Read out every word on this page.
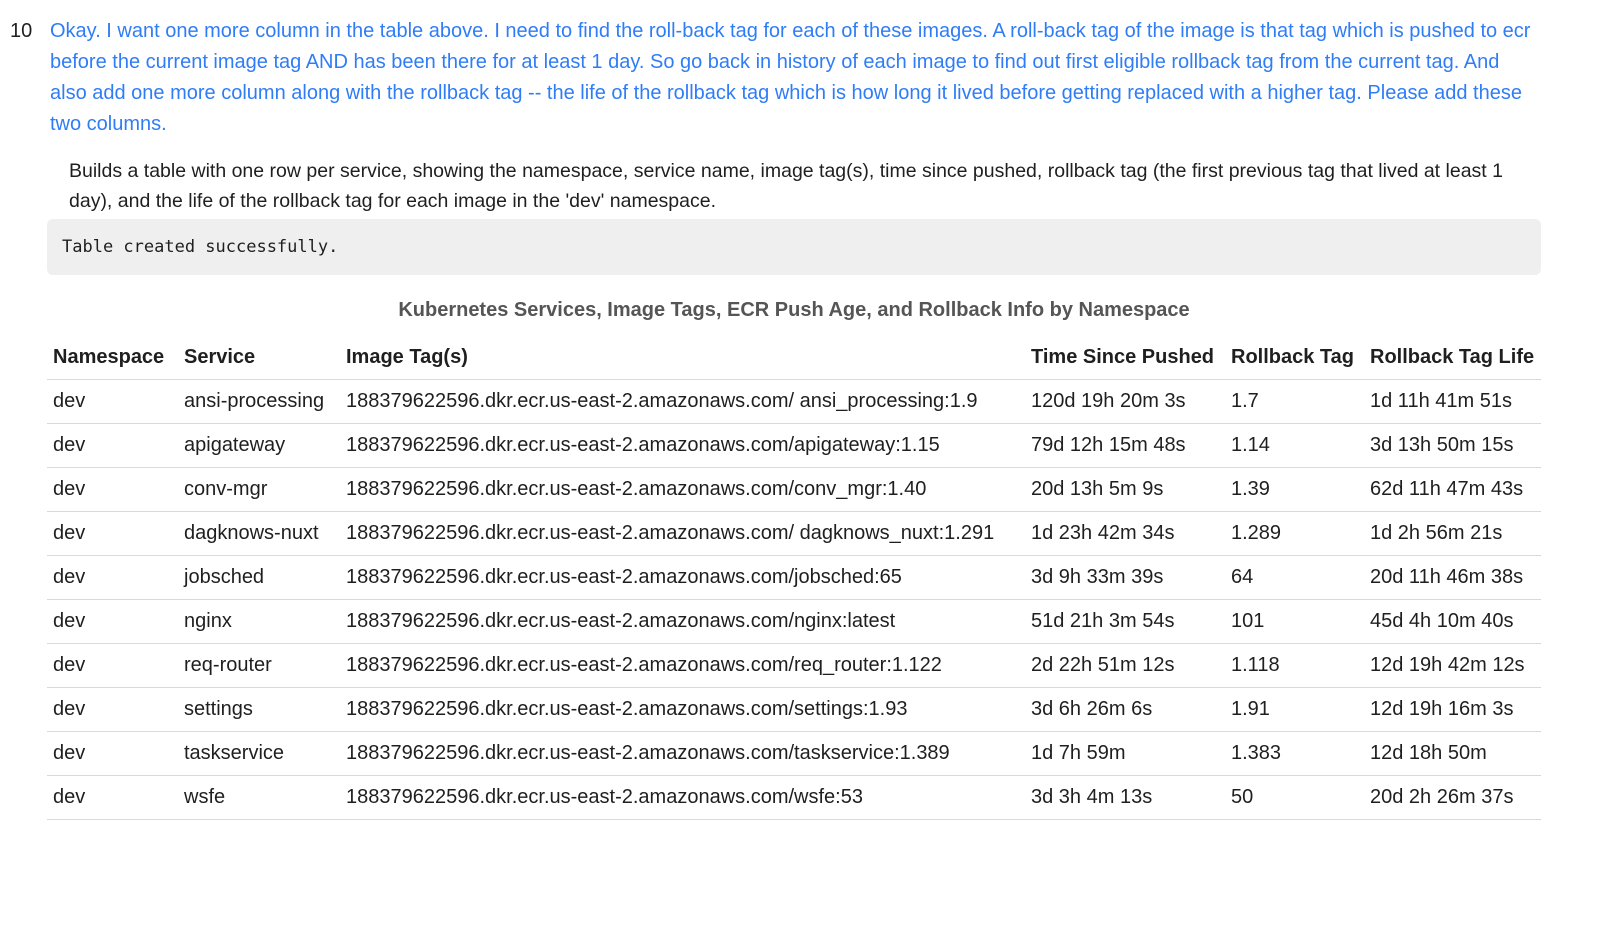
10 Okay. I want one more column in the table above. I need to find the roll-back tag for each of these images. A roll-back tag of the image is that tag which is pushed to ecr before the current image tag AND has been there for at least 1 day. So go back in history of each image to find out first eligible rollback tag from the current tag. And also add one more column along with the rollback tag -- the life of the rollback tag which is how long it lived before getting replaced with a higher tag. Please add these two columns.
Builds a table with one row per service, showing the namespace, service name, image tag(s), time since pushed, rollback tag (the first previous tag that lived at least 1 day), and the life of the rollback tag for each image in the 'dev' namespace.
Table created successfully.
Kubernetes Services, Image Tags, ECR Push Age, and Rollback Info by Namespace
Namespace	Service	Image Tag(s)	Time Since Pushed	Rollback Tag	Rollback Tag Life
dev	ansi-processing	188379622596.dkr.ecr.us-east-2.amazonaws.com/ ansi_processing:1.9	120d 19h 20m 3s	1.7	1d 11h 41m 51s
dev	apigateway	188379622596.dkr.ecr.us-east-2.amazonaws.com/apigateway:1.15	79d 12h 15m 48s	1.14	3d 13h 50m 15s
dev	conv-mgr	188379622596.dkr.ecr.us-east-2.amazonaws.com/conv_mgr:1.40	20d 13h 5m 9s	1.39	62d 11h 47m 43s
dev	dagknows-nuxt	188379622596.dkr.ecr.us-east-2.amazonaws.com/ dagknows_nuxt:1.291	1d 23h 42m 34s	1.289	1d 2h 56m 21s
dev	jobsched	188379622596.dkr.ecr.us-east-2.amazonaws.com/jobsched:65	3d 9h 33m 39s	64	20d 11h 46m 38s
dev	nginx	188379622596.dkr.ecr.us-east-2.amazonaws.com/nginx:latest	51d 21h 3m 54s	101	45d 4h 10m 40s
dev	req-router	188379622596.dkr.ecr.us-east-2.amazonaws.com/req_router:1.122	2d 22h 51m 12s	1.118	12d 19h 42m 12s
dev	settings	188379622596.dkr.ecr.us-east-2.amazonaws.com/settings:1.93	3d 6h 26m 6s	1.91	12d 19h 16m 3s
dev	taskservice	188379622596.dkr.ecr.us-east-2.amazonaws.com/taskservice:1.389	1d 7h 59m	1.383	12d 18h 50m
dev	wsfe	188379622596.dkr.ecr.us-east-2.amazonaws.com/wsfe:53	3d 3h 4m 13s	50	20d 2h 26m 37s
